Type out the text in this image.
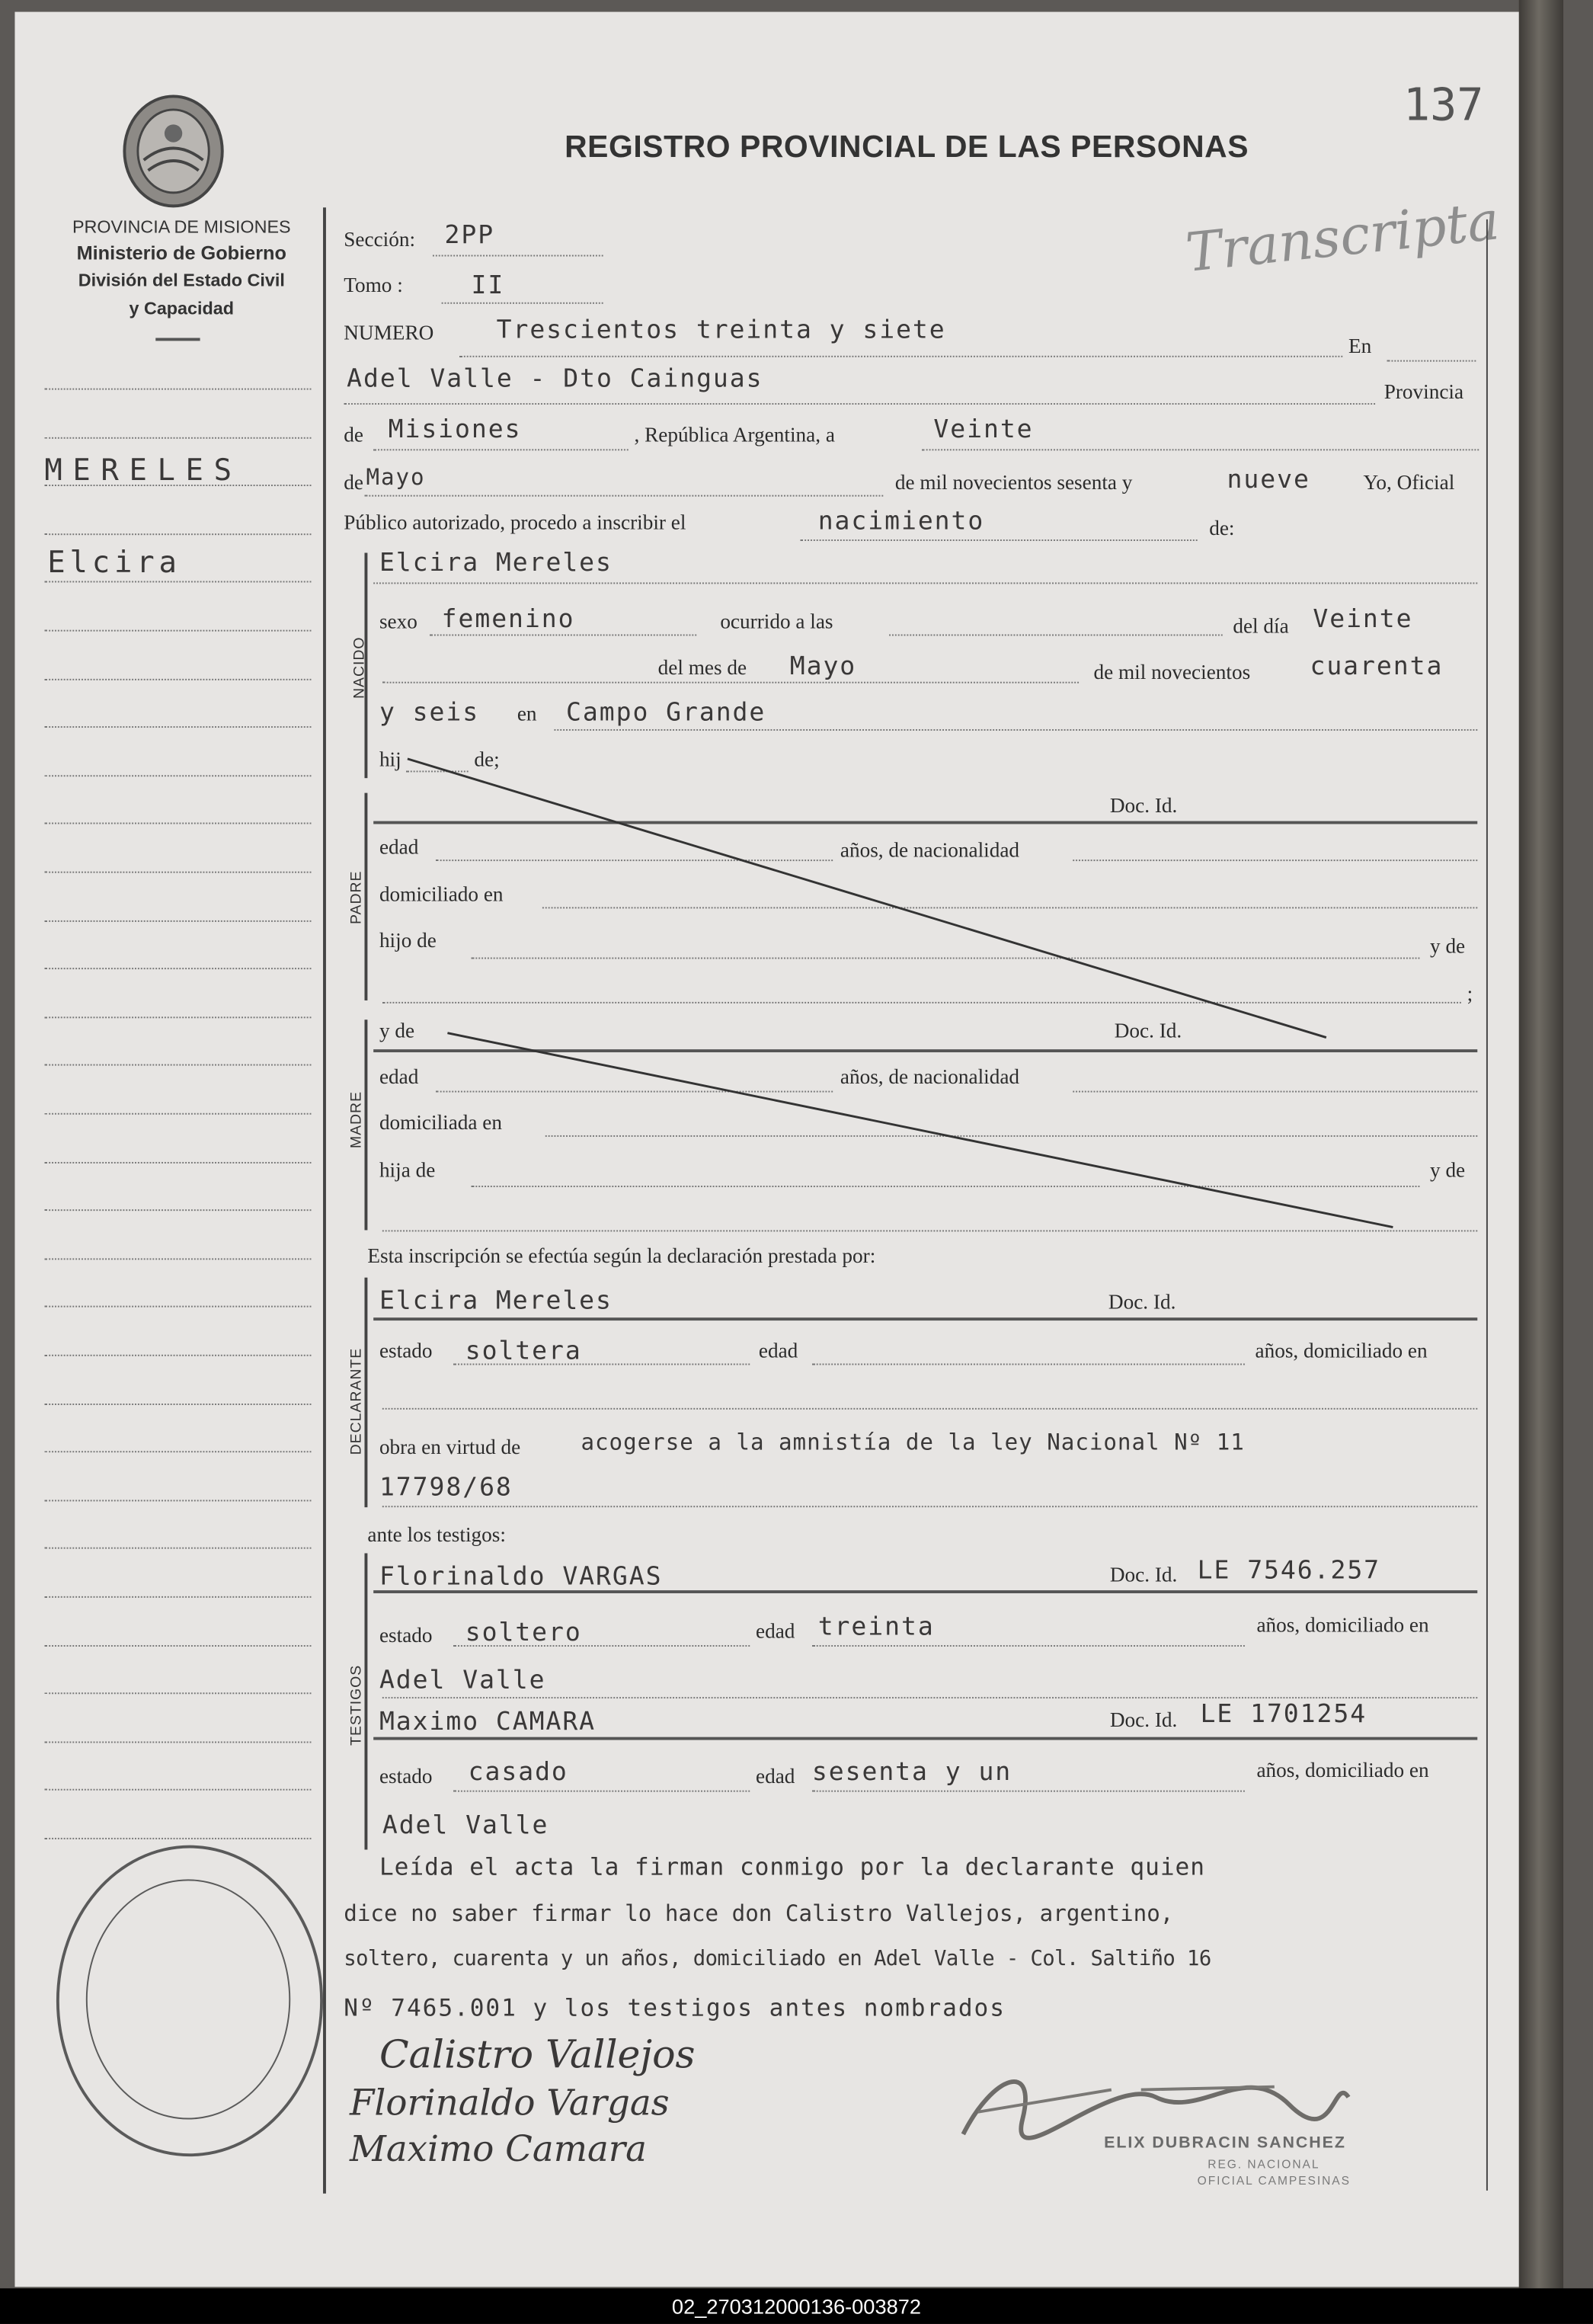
137
REGISTRO PROVINCIAL DE LAS PERSONAS
Transcripta
PROVINCIA DE MISIONES
Ministerio de Gobierno
División del Estado Civil
y Capacidad
MERELES
Elcira
Sección: 2PP
Tomo :	II
NUMERO	Trescientos treinta y siete
En
Adel Valle - Dto Cainguas	Provincia
de Misiones	, República Argentina, a	Veinte
de Mayo	de mil novecientos sesenta y	nueve	Yo, Oficial
Público autorizado, procedo a inscribir el	nacimiento	de:
NACIDO
Elcira Mereles
sexo femenino	ocurrido a las	del día Veinte
del mes de	Mayo	de mil novecientos	cuarenta
y seis	en Campo Grande
hij	de;
PADRE
Doc. Id.
edad	años, de nacionalidad
domiciliado en
hijo de	y de
;
MADRE
y de	Doc. Id.
edad	años, de nacionalidad
domiciliada en
hija de	y de
Esta inscripción se efectúa según la declaración prestada por:
DECLARANTE
Elcira Mereles	Doc. Id.
estado	soltera	edad	años, domiciliado en
obra en virtud de	acogerse a la amnistía de la ley Nacional Nº 11
17798/68
ante los testigos:
TESTIGOS
Florinaldo VARGAS	Doc. Id. LE 7546.257
estado	soltero	edad treinta	años, domiciliado en
Adel Valle
Maximo CAMARA	Doc. Id. LE 1701254
estado	casado	edad sesenta y un	años, domiciliado en
Adel Valle
Leída el acta la firman conmigo por la declarante quien
dice no saber firmar lo hace don Calistro Vallejos, argentino,
soltero, cuarenta y un años, domiciliado en Adel Valle - Col. Saltiño 16
Nº 7465.001 y los testigos antes nombrados
Calistro Vallejos
Florinaldo Vargas
Maximo Camara	ELIX DUBRACIN SANCHEZ
REG. NACIONAL
OFICIAL CAMPESINAS
02_270312000136-003872
